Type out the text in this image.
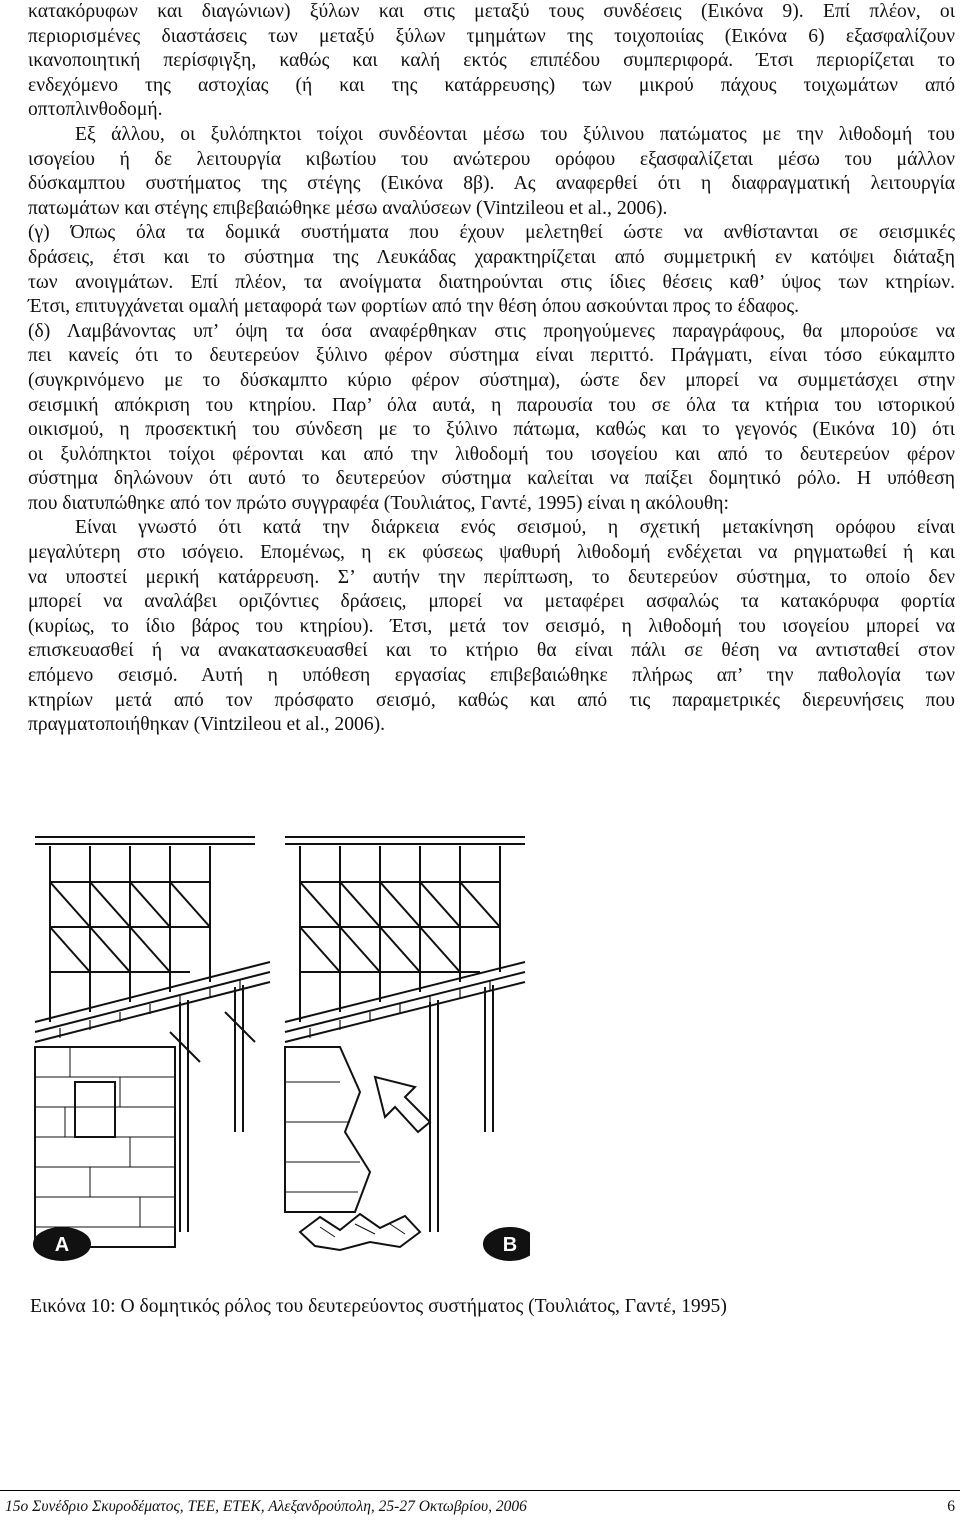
κατακόρυφων και διαγώνιων) ξύλων και στις μεταξύ τους συνδέσεις (Εικόνα 9). Επί πλέον, οι
περιορισμένες διαστάσεις των μεταξύ ξύλων τμημάτων της τοιχοποιίας (Εικόνα 6) εξασφαλίζουν
ικανοποιητική περίσφιγξη, καθώς και καλή εκτός επιπέδου συμπεριφορά. Έτσι περιορίζεται το
ενδεχόμενο της αστοχίας (ή και της κατάρρευσης) των μικρού πάχους τοιχωμάτων από
οπτοπλινθοδομή.
Εξ άλλου, οι ξυλόπηκτοι τοίχοι συνδέονται μέσω του ξύλινου πατώματος με την λιθοδομή του
ισογείου ή δε λειτουργία κιβωτίου του ανώτερου ορόφου εξασφαλίζεται μέσω του μάλλον
δύσκαμπτου συστήματος της στέγης (Εικόνα 8β). Ας αναφερθεί ότι η διαφραγματική λειτουργία
πατωμάτων και στέγης επιβεβαιώθηκε μέσω αναλύσεων (Vintzileou et al., 2006).
(γ) Όπως όλα τα δομικά συστήματα που έχουν μελετηθεί ώστε να ανθίστανται σε σεισμικές
δράσεις, έτσι και το σύστημα της Λευκάδας χαρακτηρίζεται από συμμετρική εν κατόψει διάταξη
των ανοιγμάτων. Επί πλέον, τα ανοίγματα διατηρούνται στις ίδιες θέσεις καθ’ ύψος των κτηρίων.
Έτσι, επιτυγχάνεται ομαλή μεταφορά των φορτίων από την θέση όπου ασκούνται προς το έδαφος.
(δ) Λαμβάνοντας υπ’ όψη τα όσα αναφέρθηκαν στις προηγούμενες παραγράφους, θα μπορούσε να
πει κανείς ότι το δευτερεύον ξύλινο φέρον σύστημα είναι περιττό. Πράγματι, είναι τόσο εύκαμπτο
(συγκρινόμενο με το δύσκαμπτο κύριο φέρον σύστημα), ώστε δεν μπορεί να συμμετάσχει στην
σεισμική απόκριση του κτηρίου. Παρ’ όλα αυτά, η παρουσία του σε όλα τα κτήρια του ιστορικού
οικισμού, η προσεκτική του σύνδεση με το ξύλινο πάτωμα, καθώς και το γεγονός (Εικόνα 10) ότι
οι ξυλόπηκτοι τοίχοι φέρονται και από την λιθοδομή του ισογείου και από το δευτερεύον φέρον
σύστημα δηλώνουν ότι αυτό το δευτερεύον σύστημα καλείται να παίξει δομητικό ρόλο. Η υπόθεση
που διατυπώθηκε από τον πρώτο συγγραφέα (Τουλιάτος, Γαντέ, 1995) είναι η ακόλουθη:
Είναι γνωστό ότι κατά την διάρκεια ενός σεισμού, η σχετική μετακίνηση ορόφου είναι
μεγαλύτερη στο ισόγειο. Επομένως, η εκ φύσεως ψαθυρή λιθοδομή ενδέχεται να ρηγματωθεί ή και
να υποστεί μερική κατάρρευση. Σ’ αυτήν την περίπτωση, το δευτερεύον σύστημα, το οποίο δεν
μπορεί να αναλάβει οριζόντιες δράσεις, μπορεί να μεταφέρει ασφαλώς τα κατακόρυφα φορτία
(κυρίως, το ίδιο βάρος του κτηρίου). Έτσι, μετά τον σεισμό, η λιθοδομή του ισογείου μπορεί να
επισκευασθεί ή να ανακατασκευασθεί και το κτήριο θα είναι πάλι σε θέση να αντισταθεί στον
επόμενο σεισμό. Αυτή η υπόθεση εργασίας επιβεβαιώθηκε πλήρως απ’ την παθολογία των
κτηρίων μετά από τον πρόσφατο σεισμό, καθώς και από τις παραμετρικές διερευνήσεις που
πραγματοποιήθηκαν (Vintzileou et al., 2006).
A	B
Εικόνα 10: Ο δομητικός ρόλος του δευτερεύοντος συστήματος (Τουλιάτος, Γαντέ, 1995)
15ο Συνέδριο Σκυροδέματος, ΤΕΕ, ΕΤΕΚ, Αλεξανδρούπολη, 25-27 Οκτωβρίου, 2006	6
